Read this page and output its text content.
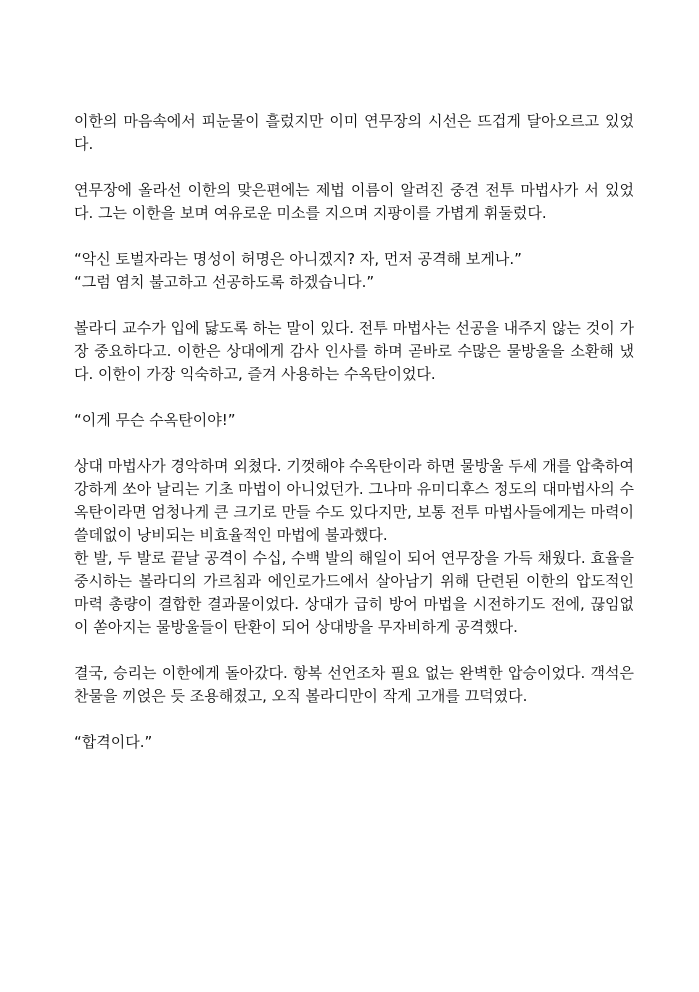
이한의 마음속에서 피눈물이 흘렀지만 이미 연무장의 시선은 뜨겁게 달아오르고 있었다.

연무장에 올라선 이한의 맞은편에는 제법 이름이 알려진 중견 전투 마법사가 서 있었다. 그는 이한을 보며 여유로운 미소를 지으며 지팡이를 가볍게 휘둘렀다.

“악신 토벌자라는 명성이 허명은 아니겠지? 자, 먼저 공격해 보게나.”

“그럼 염치 불고하고 선공하도록 하겠습니다.”

볼라디 교수가 입에 닳도록 하는 말이 있다. 전투 마법사는 선공을 내주지 않는 것이 가장 중요하다고. 이한은 상대에게 감사 인사를 하며 곧바로 수많은 물방울을 소환해 냈다. 이한이 가장 익숙하고, 즐겨 사용하는 수옥탄이었다.

“이게 무슨 수옥탄이야!”

상대 마법사가 경악하며 외쳤다. 기껏해야 수옥탄이라 하면 물방울 두세 개를 압축하여 강하게 쏘아 날리는 기초 마법이 아니었던가. 그나마 유미디후스 정도의 대마법사의 수옥탄이라면 엄청나게 큰 크기로 만들 수도 있다지만, 보통 전투 마법사들에게는 마력이 쓸데없이 낭비되는 비효율적인 마법에 불과했다.

한 발, 두 발로 끝날 공격이 수십, 수백 발의 해일이 되어 연무장을 가득 채웠다. 효율을 중시하는 볼라디의 가르침과 에인로가드에서 살아남기 위해 단련된 이한의 압도적인 마력 총량이 결합한 결과물이었다. 상대가 급히 방어 마법을 시전하기도 전에, 끊임없이 쏟아지는 물방울들이 탄환이 되어 상대방을 무자비하게 공격했다.

결국, 승리는 이한에게 돌아갔다. 항복 선언조차 필요 없는 완벽한 압승이었다. 객석은 찬물을 끼얹은 듯 조용해졌고, 오직 볼라디만이 작게 고개를 끄덕였다.

“합격이다.”
